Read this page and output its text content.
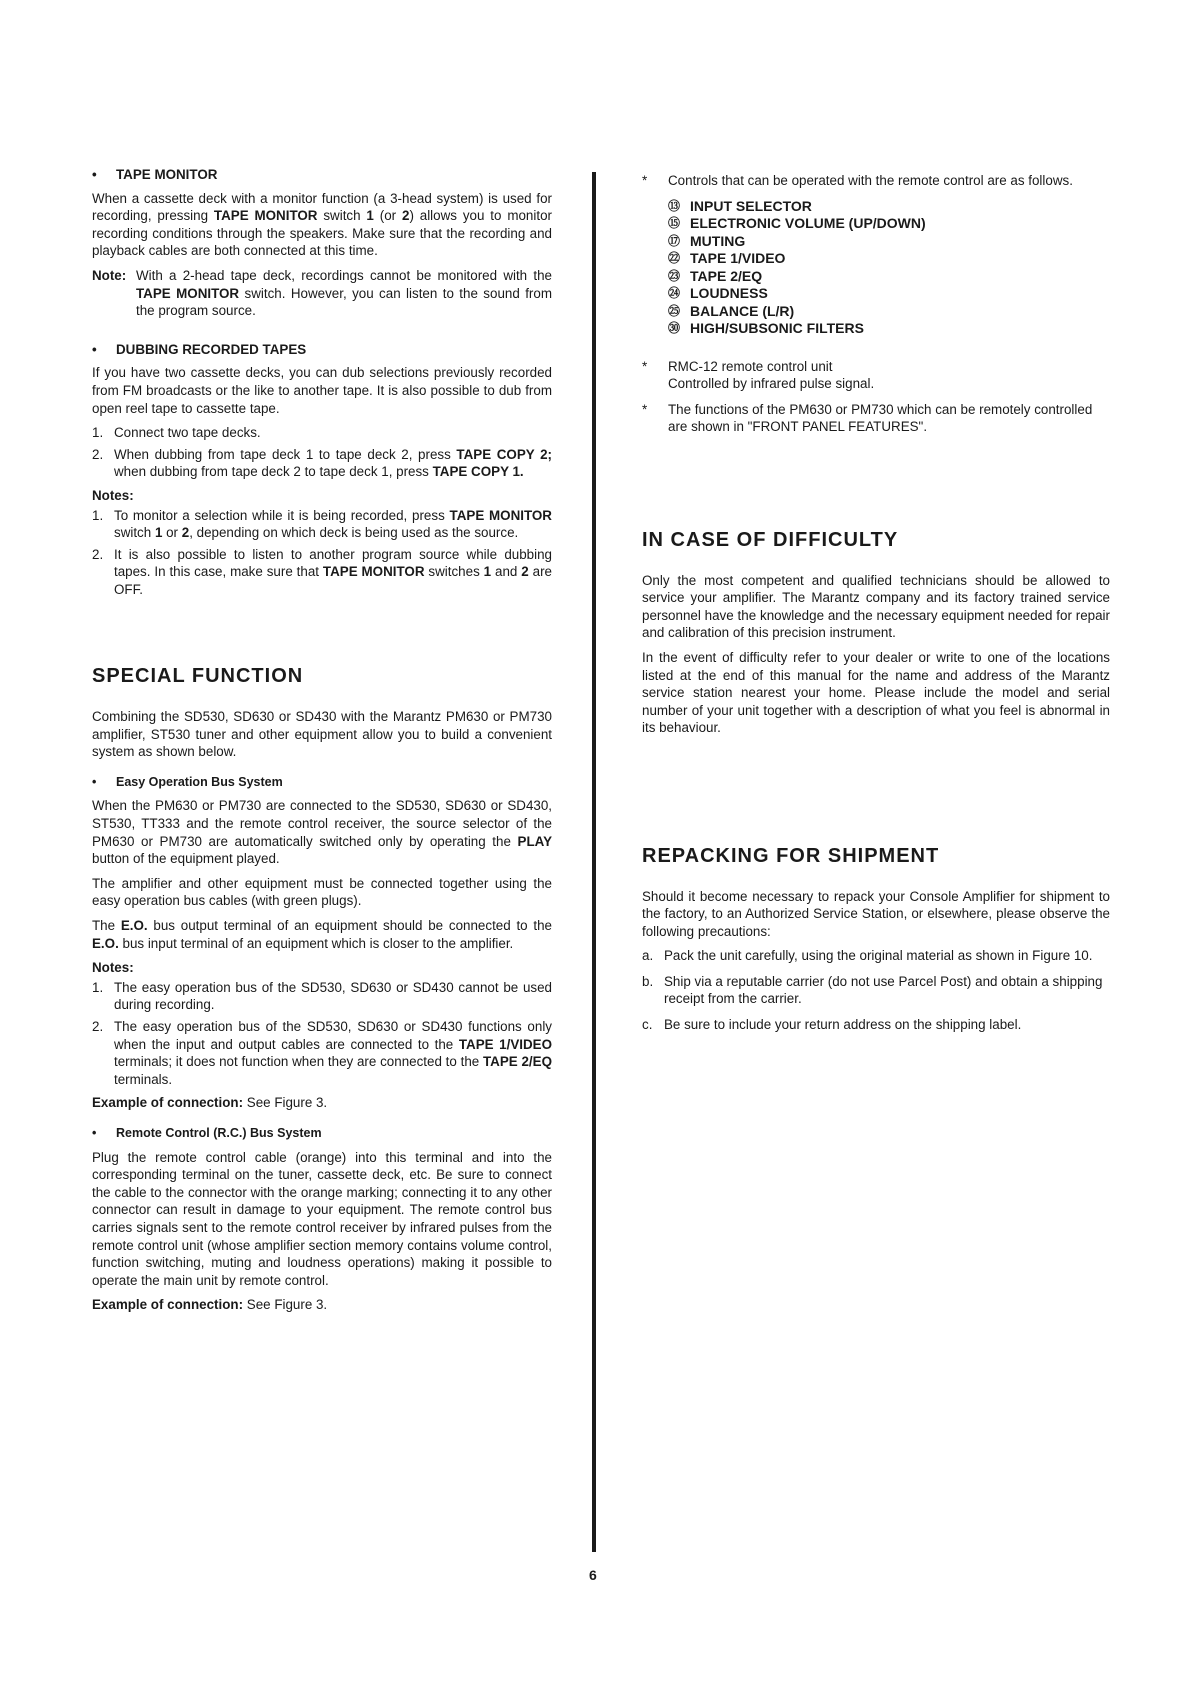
•	TAPE MONITOR

When a cassette deck with a monitor function (a 3-head system) is used for recording, pressing TAPE MONITOR switch 1 (or 2) allows you to monitor recording conditions through the speakers. Make sure that the recording and playback cables are both connected at this time.

Note: With a 2-head tape deck, recordings cannot be monitored with the TAPE MONITOR switch. However, you can listen to the sound from the program source.
•	DUBBING RECORDED TAPES

If you have two cassette decks, you can dub selections previously recorded from FM broadcasts or the like to another tape. It is also possible to dub from open reel tape to cassette tape.

1. Connect two tape decks.
2. When dubbing from tape deck 1 to tape deck 2, press TAPE COPY 2; when dubbing from tape deck 2 to tape deck 1, press TAPE COPY 1.
Notes:
1. To monitor a selection while it is being recorded, press TAPE MONITOR switch 1 or 2, depending on which deck is being used as the source.
2. It is also possible to listen to another program source while dubbing tapes. In this case, make sure that TAPE MONITOR switches 1 and 2 are OFF.
SPECIAL FUNCTION

Combining the SD530, SD630 or SD430 with the Marantz PM630 or PM730 amplifier, ST530 tuner and other equipment allow you to build a convenient system as shown below.

•	Easy Operation Bus System

When the PM630 or PM730 are connected to the SD530, SD630 or SD430, ST530, TT333 and the remote control receiver, the source selector of the PM630 or PM730 are automatically switched only by operating the PLAY button of the equipment played.

The amplifier and other equipment must be connected together using the easy operation bus cables (with green plugs).

The E.O. bus output terminal of an equipment should be connected to the E.O. bus input terminal of an equipment which is closer to the amplifier.

Notes:
1. The easy operation bus of the SD530, SD630 or SD430 cannot be used during recording.
2. The easy operation bus of the SD530, SD630 or SD430 functions only when the input and output cables are connected to the TAPE 1/VIDEO terminals; it does not function when they are connected to the TAPE 2/EQ terminals.

Example of connection: See Figure 3.

•	Remote Control (R.C.) Bus System

Plug the remote control cable (orange) into this terminal and into the corresponding terminal on the tuner, cassette deck, etc. Be sure to connect the cable to the connector with the orange marking; connecting it to any other connector can result in damage to your equipment. The remote control bus carries signals sent to the remote control receiver by infrared pulses from the remote control unit (whose amplifier section memory contains volume control, function switching, muting and loudness operations) making it possible to operate the main unit by remote control.

Example of connection: See Figure 3.

*	Controls that can be operated with the remote control are as follows.
⑬ INPUT SELECTOR
⑮ ELECTRONIC VOLUME (UP/DOWN)
⑰ MUTING
㉒ TAPE 1/VIDEO
㉓ TAPE 2/EQ
㉔ LOUDNESS
㉕ BALANCE (L/R)
㉚ HIGH/SUBSONIC FILTERS
*	RMC-12 remote control unit
Controlled by infrared pulse signal.
*	The functions of the PM630 or PM730 which can be remotely controlled are shown in "FRONT PANEL FEATURES".
IN CASE OF DIFFICULTY

Only the most competent and qualified technicians should be allowed to service your amplifier. The Marantz company and its factory trained service personnel have the knowledge and the necessary equipment needed for repair and calibration of this precision instrument.

In the event of difficulty refer to your dealer or write to one of the locations listed at the end of this manual for the name and address of the Marantz service station nearest your home. Please include the model and serial number of your unit together with a description of what you feel is abnormal in its behaviour.

REPACKING FOR SHIPMENT

Should it become necessary to repack your Console Amplifier for shipment to the factory, to an Authorized Service Station, or elsewhere, please observe the following precautions:

a. Pack the unit carefully, using the original material as shown in Figure 10.
b. Ship via a reputable carrier (do not use Parcel Post) and obtain a shipping receipt from the carrier.
c. Be sure to include your return address on the shipping label.
6
